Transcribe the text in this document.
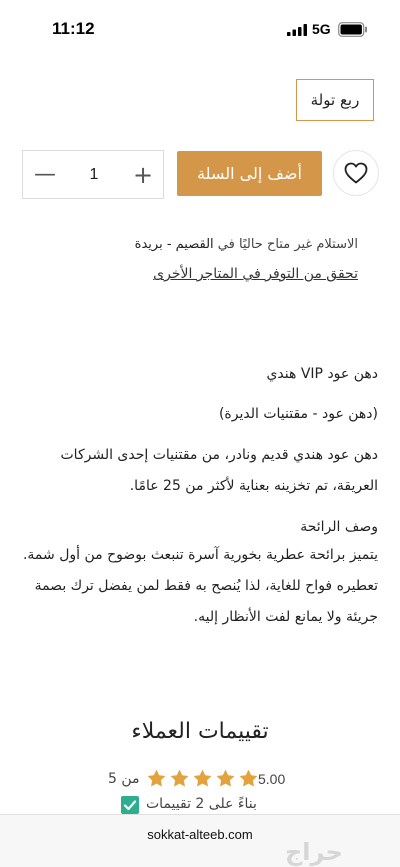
11:12	5G
ربع تولة
أضف إلى السلة
—	1	+
الاستلام غير متاح حاليًا في القصيم - بريدة
تحقق من التوفر في المتاجر الأخرى
دهن عود VIP هندي
(دهن عود - مقتنيات الديرة)
دهن عود هندي قديم ونادر، من مقتنيات إحدى الشركات العريقة، تم تخزينه بعناية لأكثر من 25 عامًا.
وصف الرائحة
يتميز برائحة عطرية بخورية آسرة تنبعث بوضوح من أول شمة. تعطيره فواح للغاية، لذا يُنصح به فقط لمن يفضل ترك بصمة جريئة ولا يمانع لفت الأنظار إليه.
تقييمات العملاء
من 5	5.00
بناءً على 2 تقييمات
sokkat-alteeb.com
حراج
